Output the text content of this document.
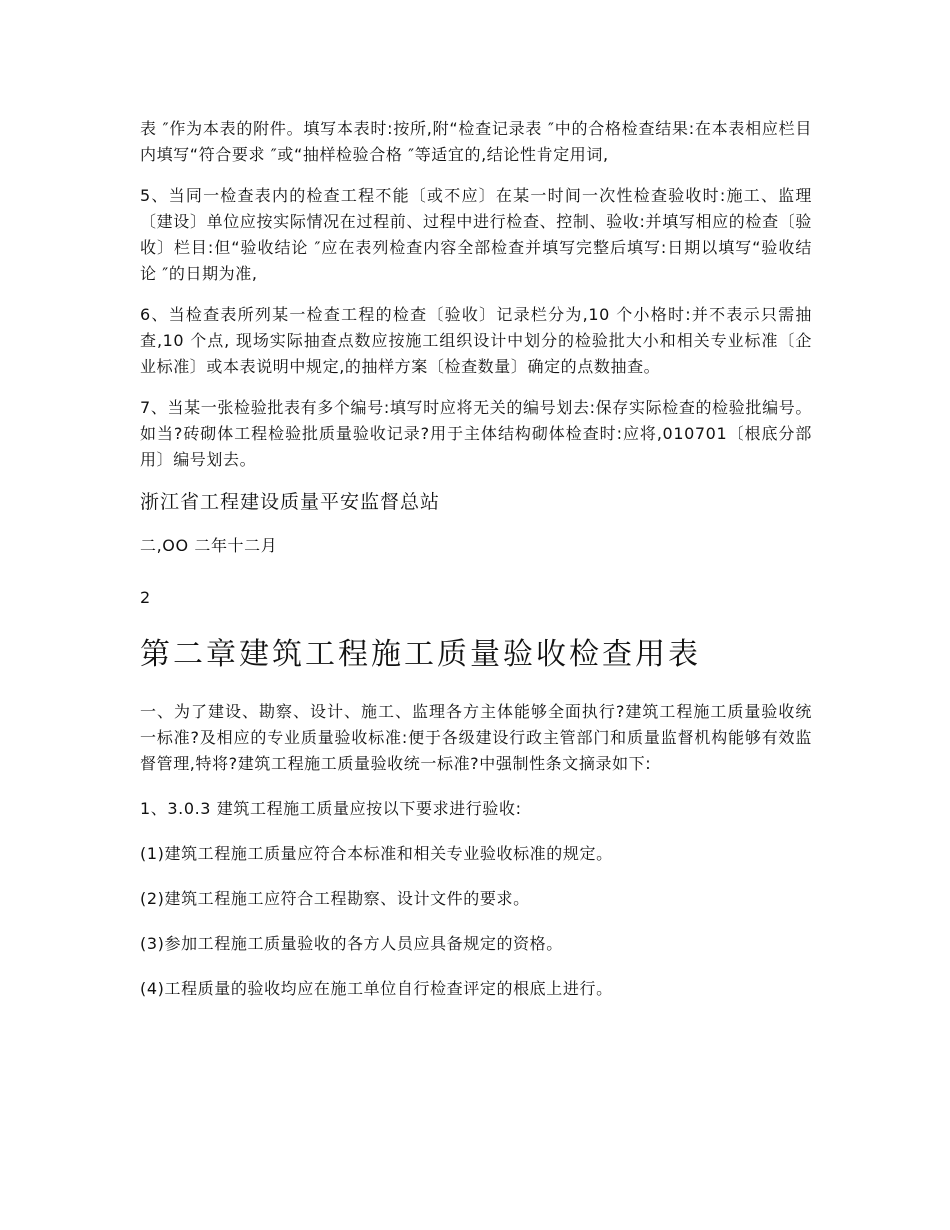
表 ″作为本表的附件。填写本表时:按所,附“检查记录表 ″中的合格检查结果:在本表相应栏目内填写“符合要求 ″或“抽样检验合格 ″等适宜的,结论性肯定用词,

5、当同一检查表内的检查工程不能〔或不应〕在某一时间一次性检查验收时:施工、监理〔建设〕单位应按实际情况在过程前、过程中进行检查、控制、验收:并填写相应的检查〔验收〕栏目:但“验收结论 ″应在表列检查内容全部检查并填写完整后填写:日期以填写“验收结论 ″的日期为准,

6、当检查表所列某一检查工程的检查〔验收〕记录栏分为,10 个小格时:并不表示只需抽查,10 个点, 现场实际抽查点数应按施工组织设计中划分的检验批大小和相关专业标准〔企业标准〕或本表说明中规定,的抽样方案〔检查数量〕确定的点数抽查。

7、当某一张检验批表有多个编号:填写时应将无关的编号划去:保存实际检查的检验批编号。如当?砖砌体工程检验批质量验收记录?用于主体结构砌体检查时:应将,010701〔根底分部用〕编号划去。

浙江省工程建设质量平安监督总站

二,OO 二年十二月

2

第二章建筑工程施工质量验收检查用表

一、为了建设、勘察、设计、施工、监理各方主体能够全面执行?建筑工程施工质量验收统一标准?及相应的专业质量验收标准:便于各级建设行政主管部门和质量监督机构能够有效监督管理,特将?建筑工程施工质量验收统一标准?中强制性条文摘录如下:

1、3.0.3 建筑工程施工质量应按以下要求进行验收:

(1)建筑工程施工质量应符合本标准和相关专业验收标准的规定。

(2)建筑工程施工应符合工程勘察、设计文件的要求。

(3)参加工程施工质量验收的各方人员应具备规定的资格。

(4)工程质量的验收均应在施工单位自行检查评定的根底上进行。
